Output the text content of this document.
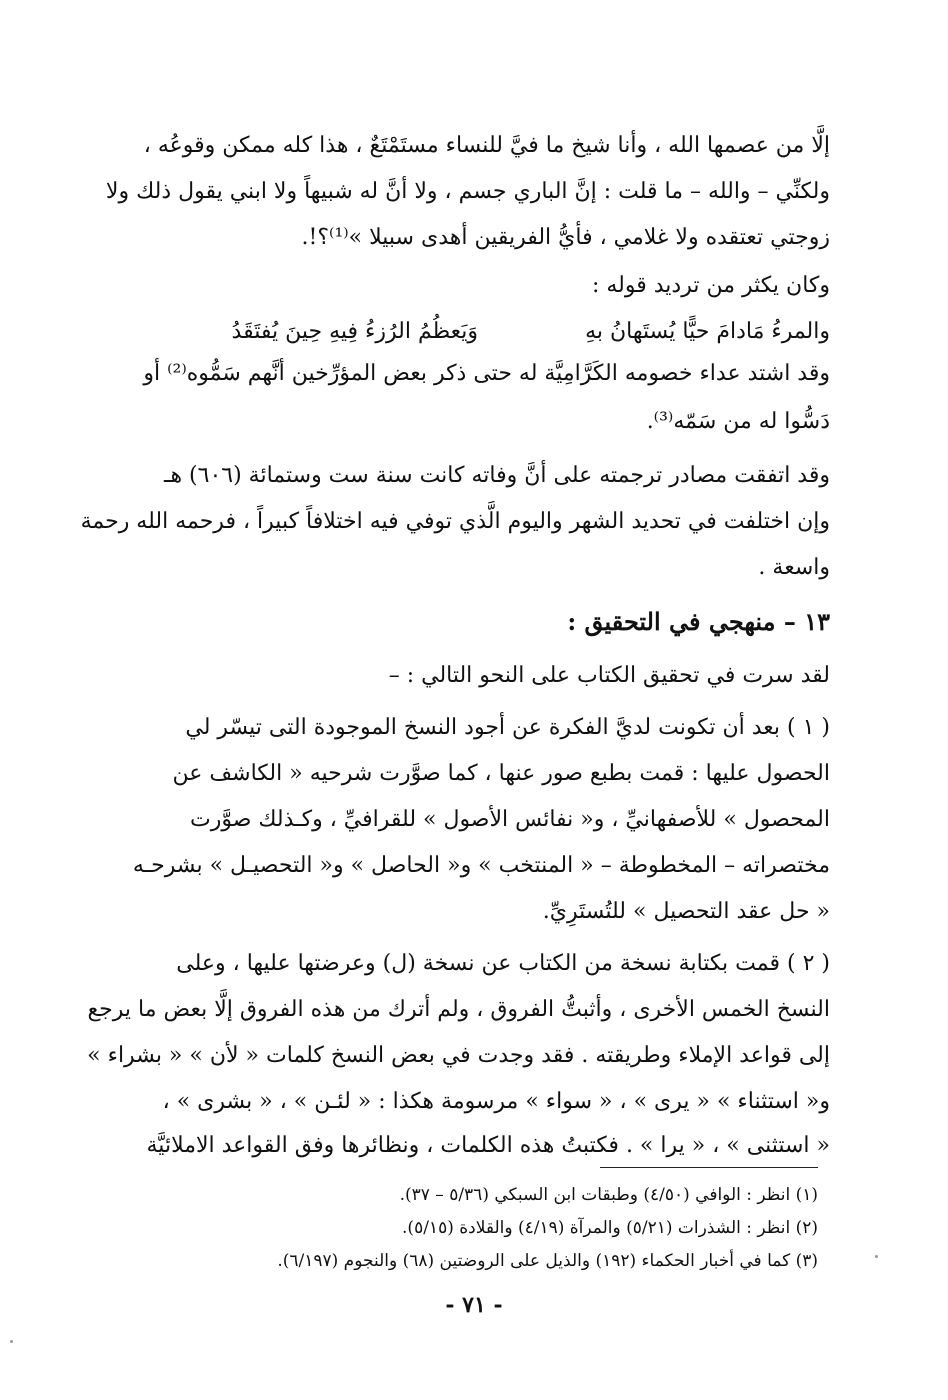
إلَّا من عصمها الله ، وأنا شيخ ما فيَّ للنساء مستَمْتَعٌ ، هذا كله ممكن وقوعُه ،
ولكنِّي – والله – ما قلت : إنَّ الباري جسم ، ولا أنَّ له شبيهاً ولا ابني يقول ذلك ولا
زوجتي تعتقده ولا غلامي ، فأيُّ الفريقين أهدى سبيلا »⁽¹⁾؟!.
وكان يكثر من ترديد قوله :
والمرءُ مَادامَ حيًّا يُستَهانُ بهِ
وَيَعظُمُ الرُزءُ فِيهِ حِينَ يُفتَقَدُ
وقد اشتد عداء خصومه الكَرَّامِيَّة له حتى ذكر بعض المؤرِّخين أنَّهم سَمُّوه⁽²⁾ أو
دَسُّوا له من سَمّه⁽³⁾.
وقد اتفقت مصادر ترجمته على أنَّ وفاته كانت سنة ست وستمائة (٦٠٦) هـ
وإن اختلفت في تحديد الشهر واليوم الَّذي توفي فيه اختلافاً كبيراً ، فرحمه الله رحمة
واسعة .
١٣ – منهجي في التحقيق :
لقد سرت في تحقيق الكتاب على النحو التالي : –
( ١ ) بعد أن تكونت لديَّ الفكرة عن أجود النسخ الموجودة التى تيسّر لي
الحصول عليها : قمت بطبع صور عنها ، كما صوَّرت شرحيه « الكاشف عن
المحصول » للأصفهانيِّ ، و« نفائس الأصول » للقرافيِّ ، وكـذلك صوَّرت
مختصراته – المخطوطة – « المنتخب » و« الحاصل » و« التحصيـل » بشرحـه
« حل عقد التحصيل » للتُستَرِيِّ.
( ٢ ) قمت بكتابة نسخة من الكتاب عن نسخة (ل) وعرضتها عليها ، وعلى
النسخ الخمس الأخرى ، وأثبتُّ الفروق ، ولم أترك من هذه الفروق إلَّا بعض ما يرجع
إلى قواعد الإملاء وطريقته . فقد وجدت في بعض النسخ كلمات « لأن » « بشراء »
و« استثناء » « يرى » ، « سواء » مرسومة هكذا : « لئـن » ، « بشرى » ،
« استثنى » ، « يرا » . فكتبتُ هذه الكلمات ، ونظائرها وفق القواعد الاملائيَّة
(١) انظر : الوافي (٤/٥٠) وطبقات ابن السبكي (٥/٣٦ – ٣٧).
(٢) انظر : الشذرات (٥/٢١) والمرآة (٤/١٩) والقلادة (٥/١٥).
(٣) كما في أخبار الحكماء (١٩٢) والذيل على الروضتين (٦٨) والنجوم (٦/١٩٧).
- ٧١ -
